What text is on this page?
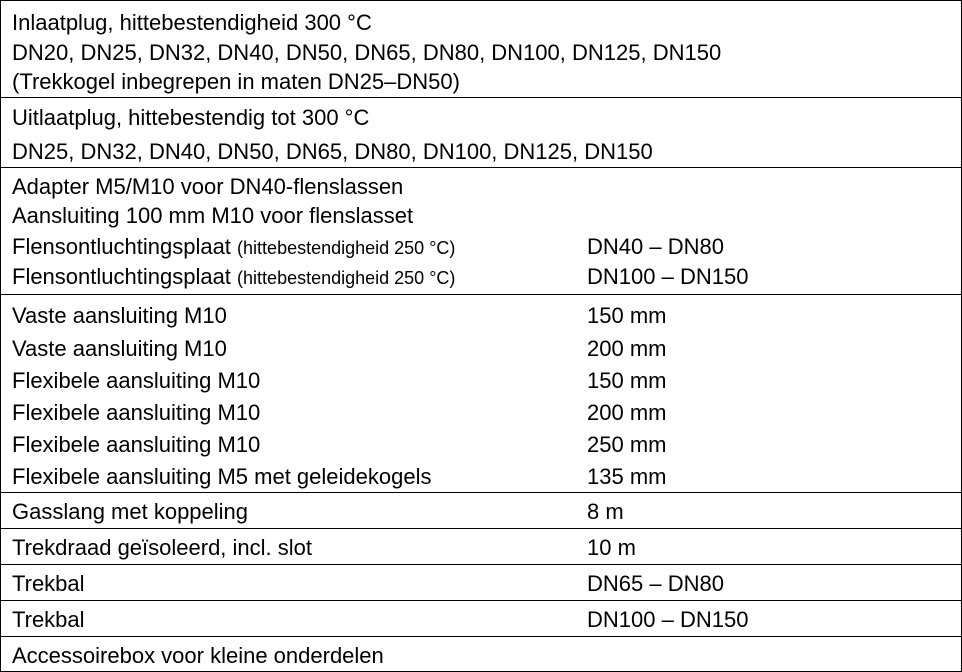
Inlaatplug, hittebestendigheid 300 °C
DN20, DN25, DN32, DN40, DN50, DN65, DN80, DN100, DN125, DN150
(Trekkogel inbegrepen in maten DN25–DN50)
Uitlaatplug, hittebestendig tot 300 °C
DN25, DN32, DN40, DN50, DN65, DN80, DN100, DN125, DN150
Adapter M5/M10 voor DN40-flenslassen
Aansluiting 100 mm M10 voor flenslasset
Flensontluchtingsplaat (hittebestendigheid 250 °C)	DN40 – DN80
Flensontluchtingsplaat (hittebestendigheid 250 °C)	DN100 – DN150
Vaste aansluiting M10	150 mm
Vaste aansluiting M10	200 mm
Flexibele aansluiting M10	150 mm
Flexibele aansluiting M10	200 mm
Flexibele aansluiting M10	250 mm
Flexibele aansluiting M5 met geleidekogels	135 mm
Gasslang met koppeling	8 m
Trekdraad geïsoleerd, incl. slot	10 m
Trekbal	DN65 – DN80
Trekbal	DN100 – DN150
Accessoirebox voor kleine onderdelen
